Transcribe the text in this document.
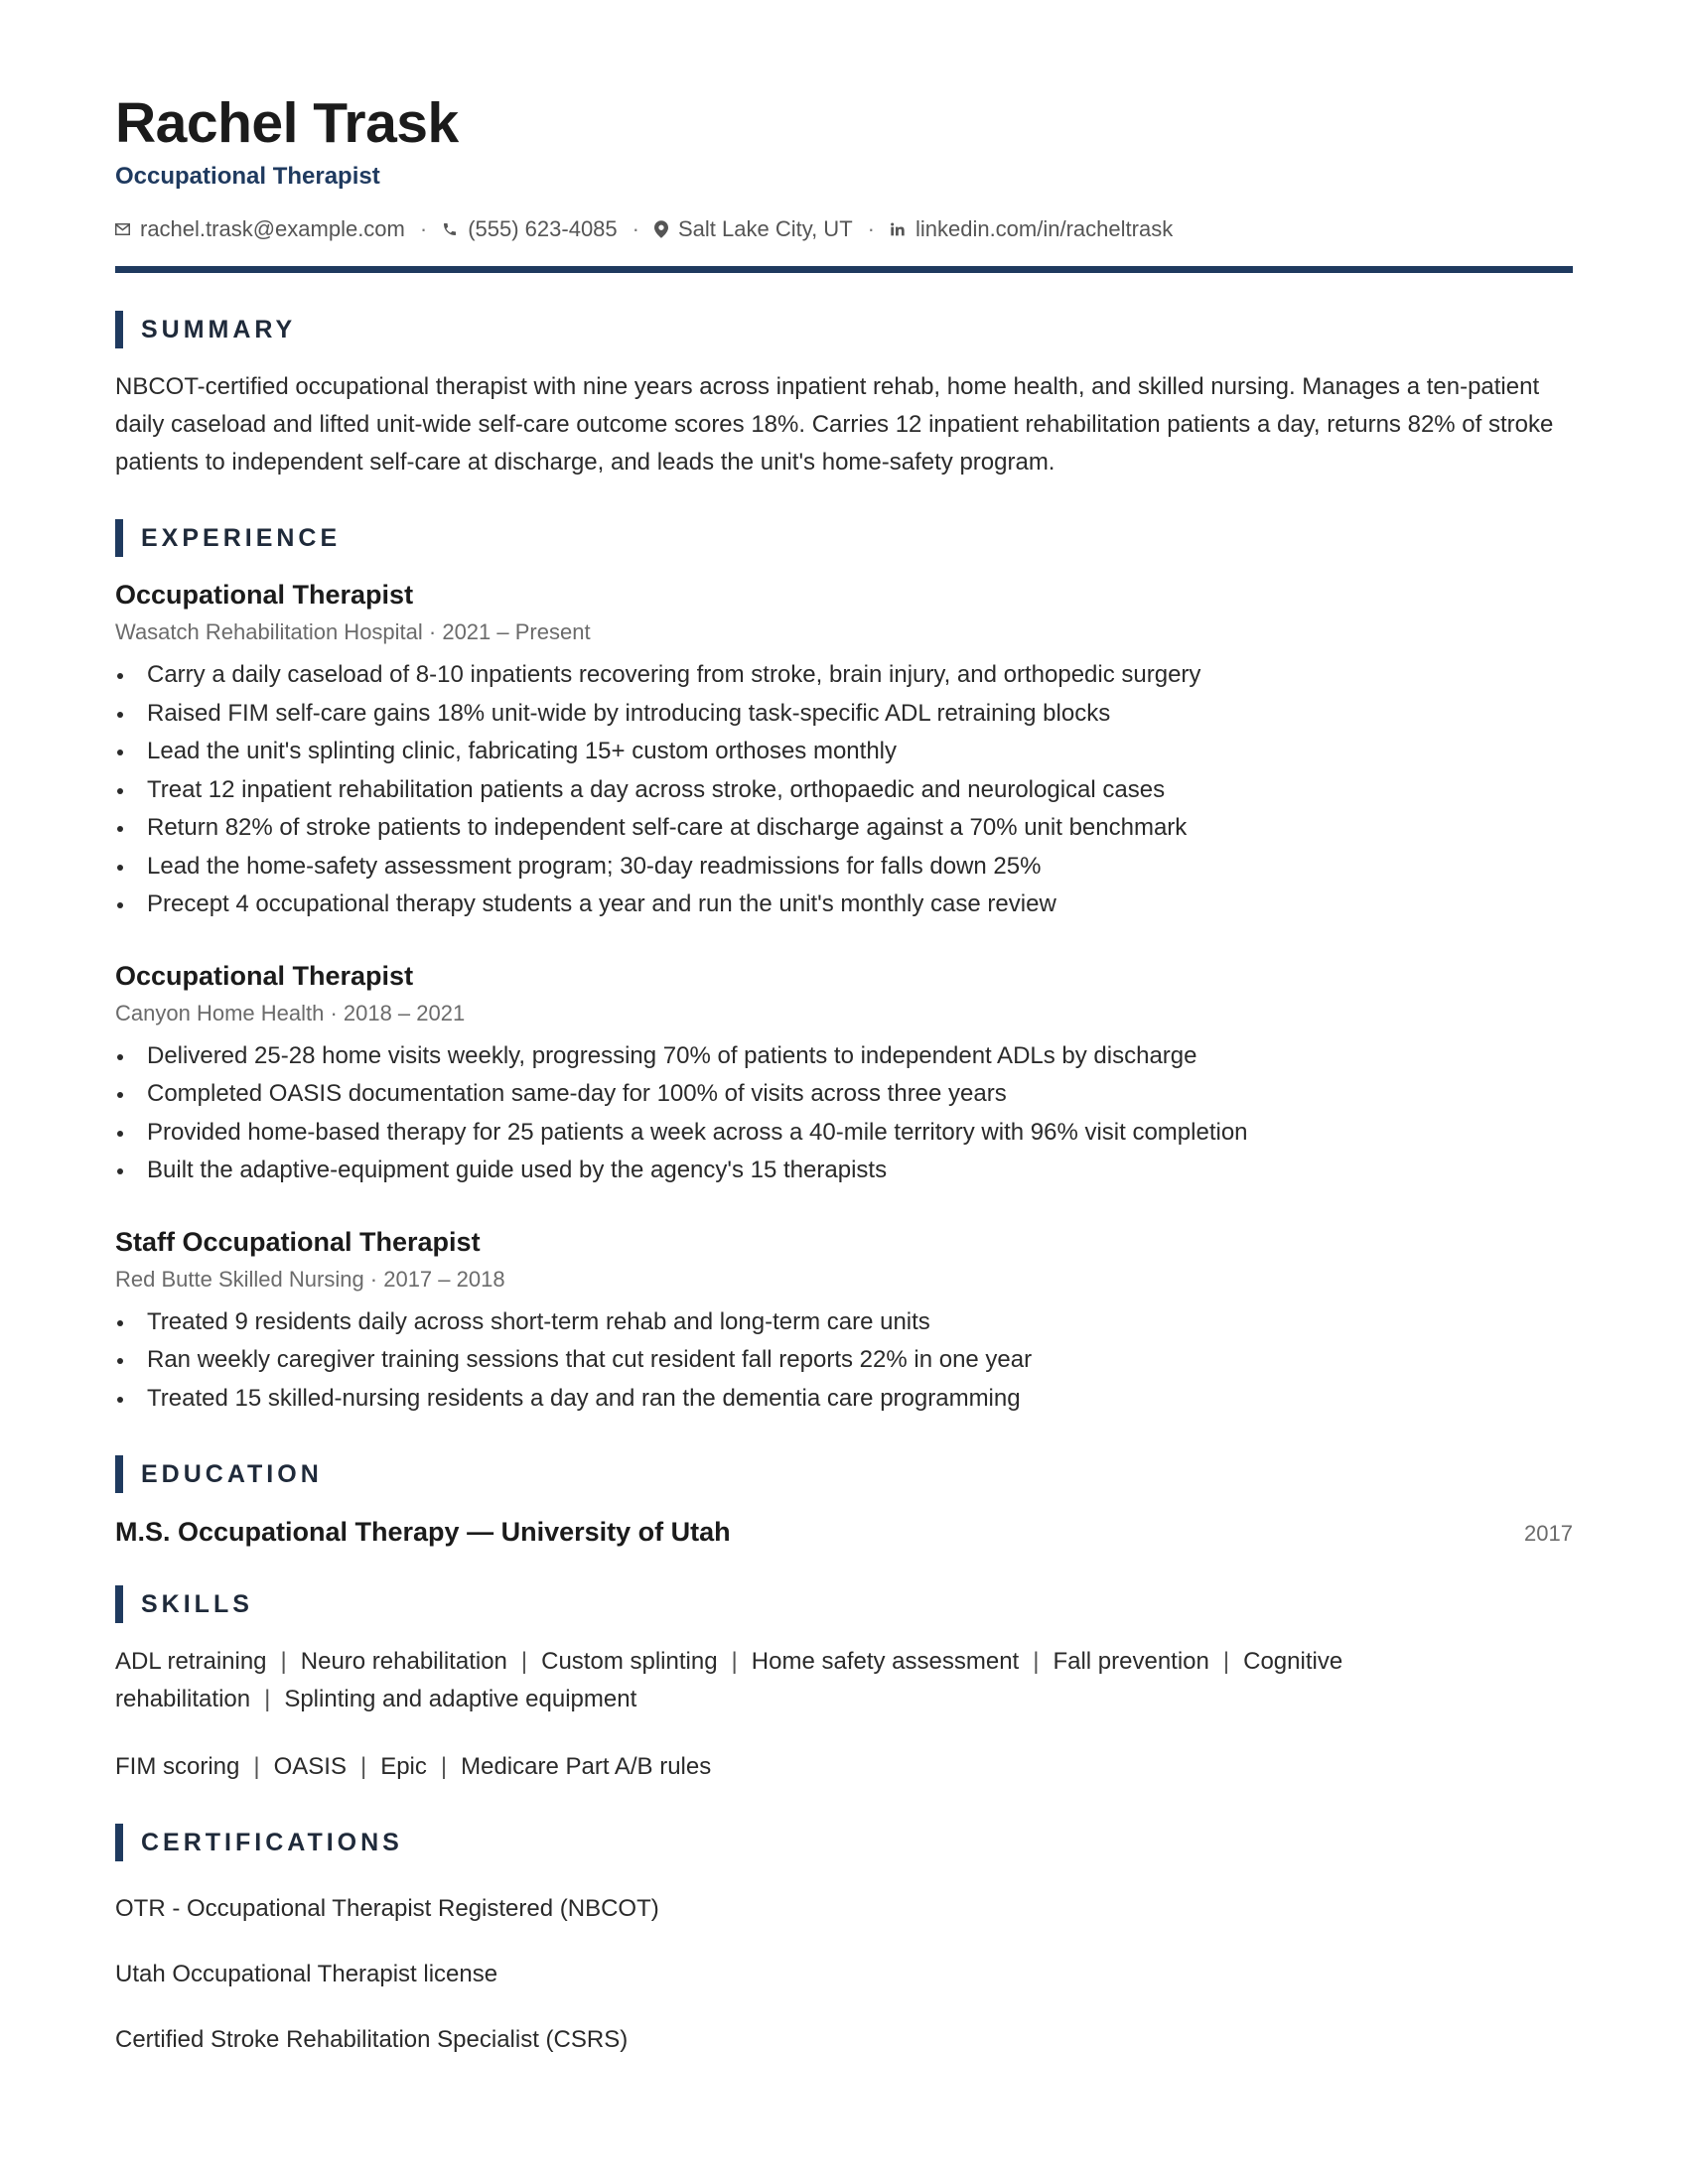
Rachel Trask
Occupational Therapist
rachel.trask@example.com · (555) 623-4085 · Salt Lake City, UT · linkedin.com/in/racheltrask
SUMMARY

NBCOT-certified occupational therapist with nine years across inpatient rehab, home health, and skilled nursing. Manages a ten-patient daily caseload and lifted unit-wide self-care outcome scores 18%. Carries 12 inpatient rehabilitation patients a day, returns 82% of stroke patients to independent self-care at discharge, and leads the unit's home-safety program.

EXPERIENCE
Occupational Therapist
Wasatch Rehabilitation Hospital · 2021 – Present
Carry a daily caseload of 8-10 inpatients recovering from stroke, brain injury, and orthopedic surgery
Raised FIM self-care gains 18% unit-wide by introducing task-specific ADL retraining blocks
Lead the unit's splinting clinic, fabricating 15+ custom orthoses monthly
Treat 12 inpatient rehabilitation patients a day across stroke, orthopaedic and neurological cases
Return 82% of stroke patients to independent self-care at discharge against a 70% unit benchmark
Lead the home-safety assessment program; 30-day readmissions for falls down 25%
Precept 4 occupational therapy students a year and run the unit's monthly case review
Occupational Therapist
Canyon Home Health · 2018 – 2021
Delivered 25-28 home visits weekly, progressing 70% of patients to independent ADLs by discharge
Completed OASIS documentation same-day for 100% of visits across three years
Provided home-based therapy for 25 patients a week across a 40-mile territory with 96% visit completion
Built the adaptive-equipment guide used by the agency's 15 therapists
Staff Occupational Therapist
Red Butte Skilled Nursing · 2017 – 2018
Treated 9 residents daily across short-term rehab and long-term care units
Ran weekly caregiver training sessions that cut resident fall reports 22% in one year
Treated 15 skilled-nursing residents a day and ran the dementia care programming
EDUCATION
M.S. Occupational Therapy — University of Utah	2017
SKILLS
ADL retraining | Neuro rehabilitation | Custom splinting | Home safety assessment | Fall prevention | Cognitive rehabilitation | Splinting and adaptive equipment
FIM scoring | OASIS | Epic | Medicare Part A/B rules
CERTIFICATIONS
OTR - Occupational Therapist Registered (NBCOT)
Utah Occupational Therapist license
Certified Stroke Rehabilitation Specialist (CSRS)
